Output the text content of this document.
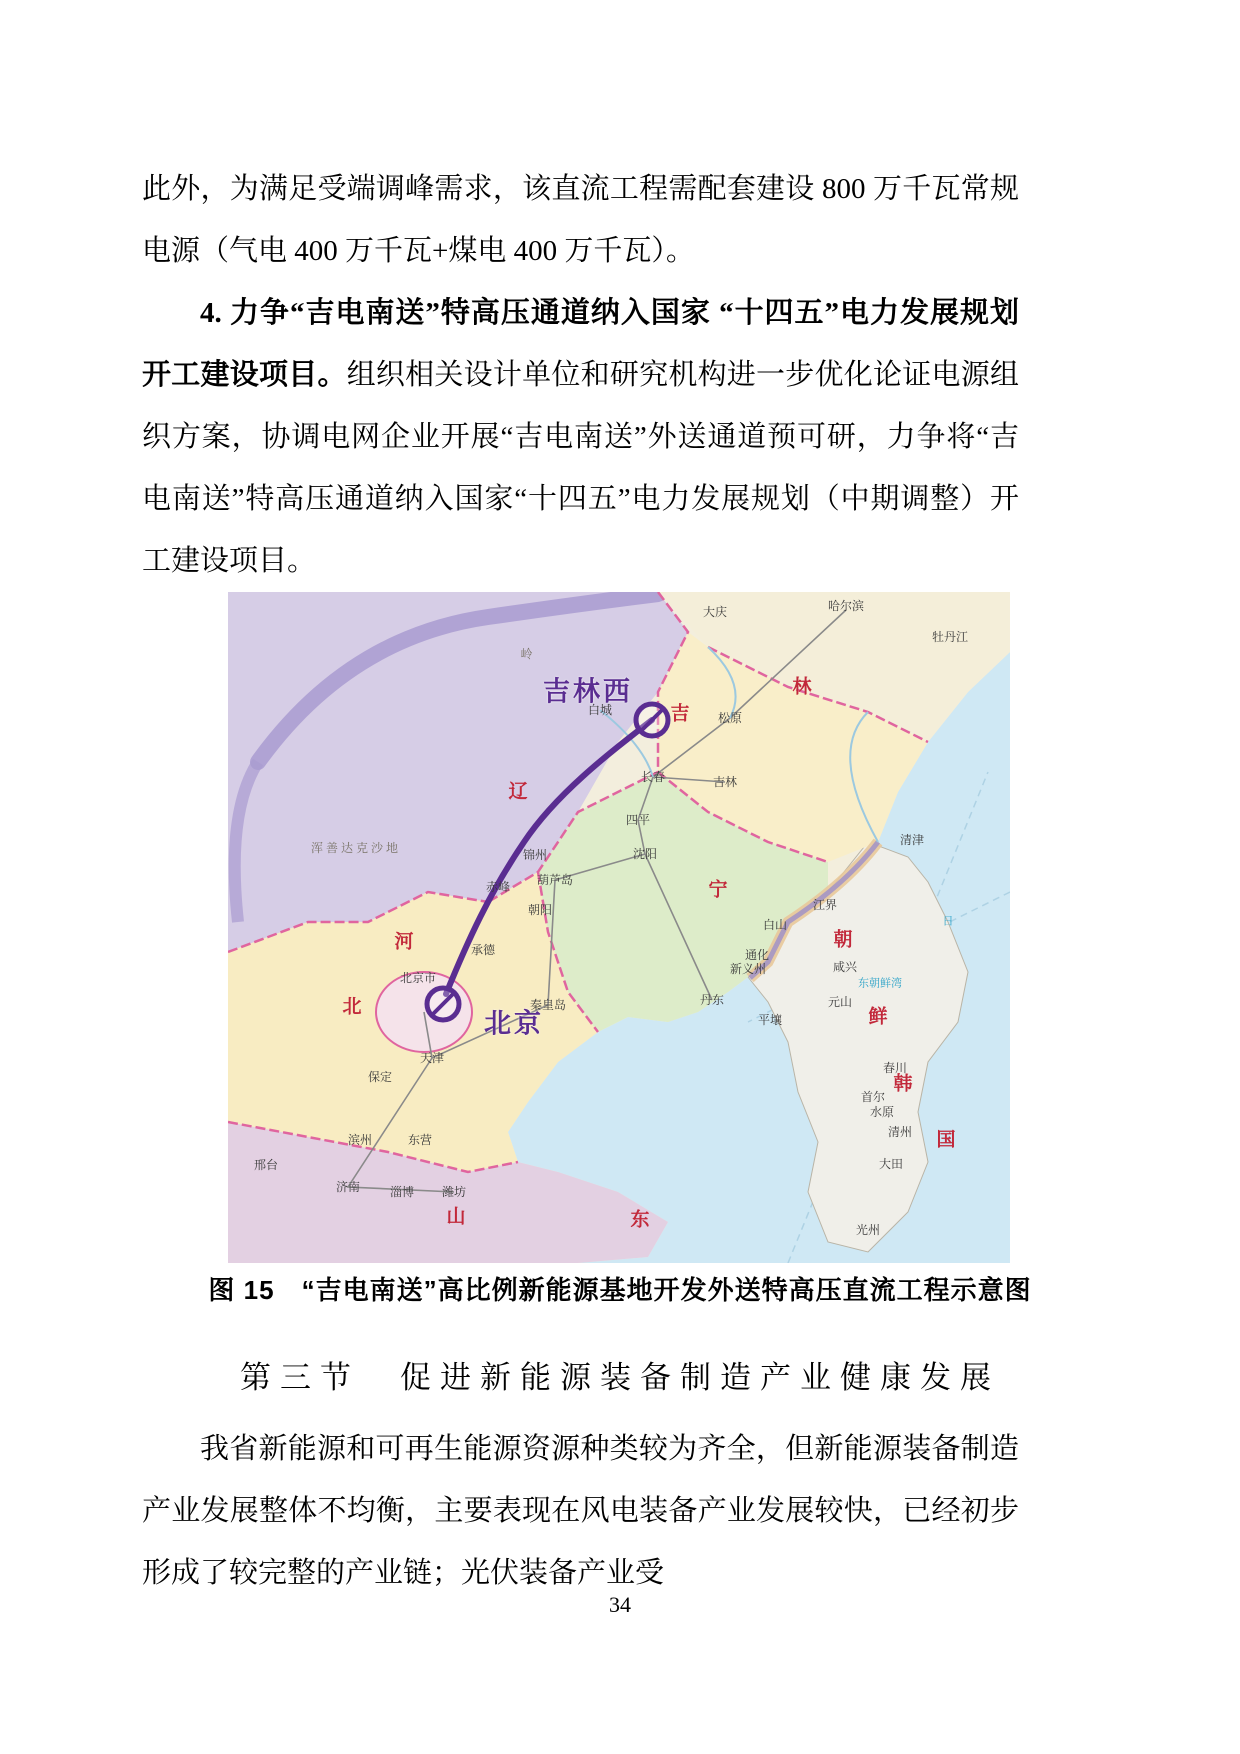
此外，为满足受端调峰需求，该直流工程需配套建设 800 万千瓦常规电源（气电 400 万千瓦+煤电 400 万千瓦）。

4. 力争“吉电南送”特高压通道纳入国家 “十四五”电力发展规划开工建设项目。组织相关设计单位和研究机构进一步优化论证电源组织方案，协调电网企业开展“吉电南送”外送通道预可研，力争将“吉电南送”特高压通道纳入国家“十四五”电力发展规划（中期调整）开工建设项目。

吉林西
北京
吉
林
辽
宁
河
北
山	东
朝
鲜
韩
国
大庆	哈尔滨
牡丹江
白城
松原
长春	吉林
四平
白山
通化
沈阳
锦州
葫芦岛
丹东
赤峰
朝阳
承德
北京市
秦皇岛
天津
保定
济南 淄博 潍坊
东营
滨州
邢台
新义州
江界
清津
咸兴
元山
平壤
春川
首尔
水原
清州
大田
光州
东朝鲜湾
日
浑善达克沙地
岭
图 15　“吉电南送”高比例新能源基地开发外送特高压直流工程示意图
第三节　促进新能源装备制造产业健康发展

我省新能源和可再生能源资源种类较为齐全，但新能源装备制造产业发展整体不均衡，主要表现在风电装备产业发展较快，已经初步形成了较完整的产业链；光伏装备产业受

34
